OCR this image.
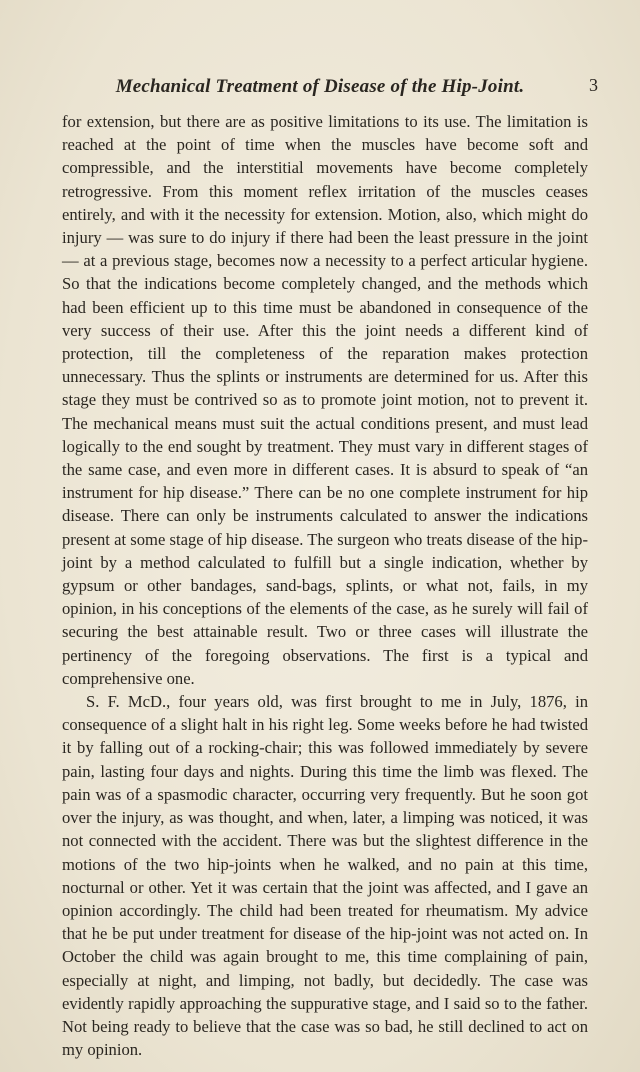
Mechanical Treatment of Disease of the Hip-Joint.	3

for extension, but there are as positive limitations to its use. The limitation is reached at the point of time when the muscles have become soft and compressible, and the interstitial movements have become completely retrogressive. From this moment reflex irritation of the muscles ceases entirely, and with it the necessity for extension. Motion, also, which might do injury — was sure to do injury if there had been the least pressure in the joint — at a previous stage, becomes now a necessity to a perfect articular hygiene. So that the indications become completely changed, and the methods which had been efficient up to this time must be abandoned in consequence of the very success of their use. After this the joint needs a different kind of protection, till the completeness of the reparation makes protection unnecessary. Thus the splints or instruments are determined for us. After this stage they must be contrived so as to promote joint motion, not to prevent it. The mechanical means must suit the actual conditions present, and must lead logically to the end sought by treatment. They must vary in different stages of the same case, and even more in different cases. It is absurd to speak of “an instrument for hip disease.” There can be no one complete instrument for hip disease. There can only be instruments calculated to answer the indications present at some stage of hip disease. The surgeon who treats disease of the hip-joint by a method calculated to fulfill but a single indication, whether by gypsum or other bandages, sand-bags, splints, or what not, fails, in my opinion, in his conceptions of the elements of the case, as he surely will fail of securing the best attainable result. Two or three cases will illustrate the pertinency of the foregoing observations. The first is a typical and comprehensive one.

S. F. McD., four years old, was first brought to me in July, 1876, in consequence of a slight halt in his right leg. Some weeks before he had twisted it by falling out of a rocking-chair; this was followed immediately by severe pain, lasting four days and nights. During this time the limb was flexed. The pain was of a spasmodic character, occurring very frequently. But he soon got over the injury, as was thought, and when, later, a limping was noticed, it was not connected with the accident. There was but the slightest difference in the motions of the two hip-joints when he walked, and no pain at this time, nocturnal or other. Yet it was certain that the joint was affected, and I gave an opinion accordingly. The child had been treated for rheumatism. My advice that he be put under treatment for disease of the hip-joint was not acted on. In October the child was again brought to me, this time complaining of pain, especially at night, and limping, not badly, but decidedly. The case was evidently rapidly approaching the suppurative stage, and I said so to the father. Not being ready to believe that the case was so bad, he still declined to act on my opinion.
